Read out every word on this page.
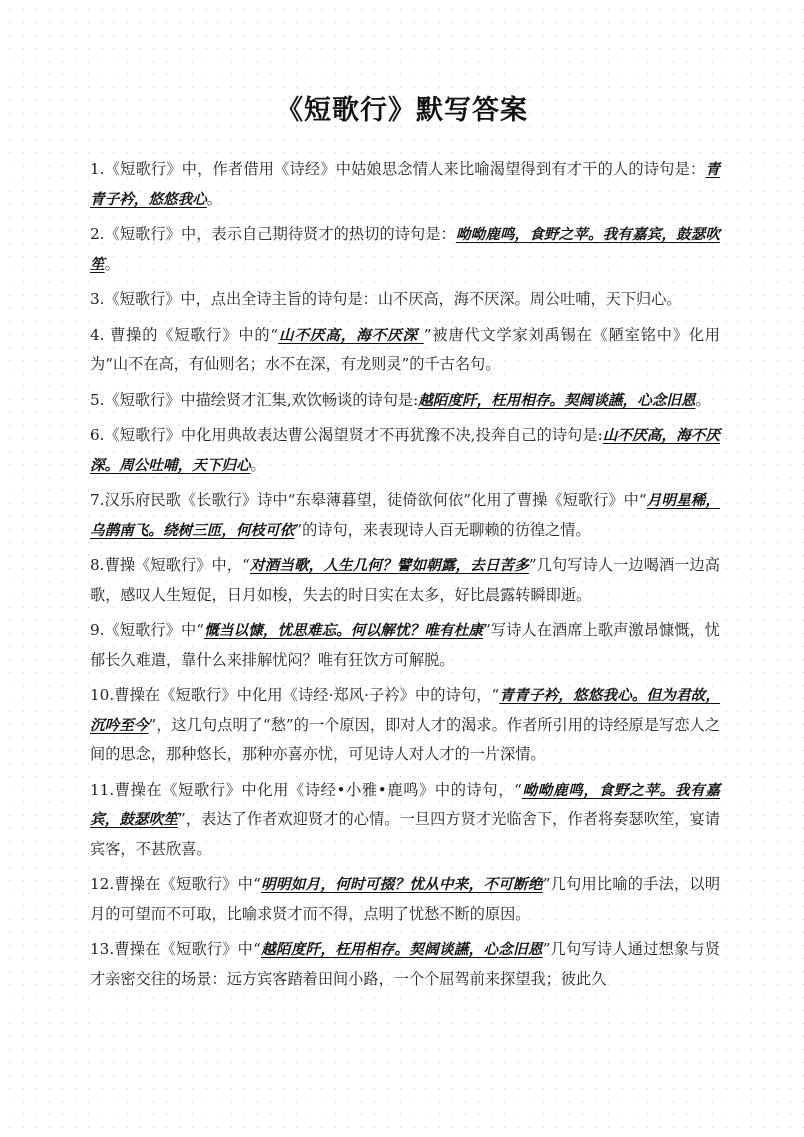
《短歌行》默写答案

1.《短歌行》中，作者借用《诗经》中姑娘思念情人来比喻渴望得到有才干的人的诗句是：青青子衿，悠悠我心。

2.《短歌行》中，表示自己期待贤才的热切的诗句是：呦呦鹿鸣，食野之苹。我有嘉宾，鼓瑟吹笙。

3.《短歌行》中，点出全诗主旨的诗句是：山不厌高，海不厌深。周公吐哺，天下归心。

4. 曹操的《短歌行》中的“山不厌高，海不厌深 ”被唐代文学家刘禹锡在《陋室铭中》化用为“山不在高，有仙则名；水不在深，有龙则灵”的千古名句。

5.《短歌行》中描绘贤才汇集,欢饮畅谈的诗句是:越陌度阡，枉用相存。契阔谈讌，心念旧恩。

6.《短歌行》中化用典故表达曹公渴望贤才不再犹豫不决,投奔自己的诗句是:山不厌高，海不厌深。周公吐哺，天下归心。

7.汉乐府民歌《长歌行》诗中“东皋薄暮望，徒倚欲何依”化用了曹操《短歌行》中“月明星稀，乌鹊南飞。绕树三匝，何枝可依”的诗句，来表现诗人百无聊赖的彷徨之情。

8.曹操《短歌行》中，“对酒当歌，人生几何？譬如朝露，去日苦多”几句写诗人一边喝酒一边高歌，感叹人生短促，日月如梭，失去的时日实在太多，好比晨露转瞬即逝。

9.《短歌行》中“慨当以慷，忧思难忘。何以解忧？唯有杜康”写诗人在酒席上歌声激昂慷慨，忧郁长久难遣，靠什么来排解忧闷？唯有狂饮方可解脱。

10.曹操在《短歌行》中化用《诗经·郑风·子衿》中的诗句，“青青子衿，悠悠我心。但为君故，沉吟至今”，这几句点明了“愁”的一个原因，即对人才的渴求。作者所引用的诗经原是写恋人之间的思念，那种悠长，那种亦喜亦忧，可见诗人对人才的一片深情。

11.曹操在《短歌行》中化用《诗经•小雅•鹿鸣》中的诗句，“呦呦鹿鸣，食野之苹。我有嘉宾，鼓瑟吹笙”，表达了作者欢迎贤才的心情。一旦四方贤才光临舍下，作者将奏瑟吹笙，宴请宾客，不甚欣喜。

12.曹操在《短歌行》中“明明如月，何时可掇？忧从中来，不可断绝”几句用比喻的手法，以明月的可望而不可取，比喻求贤才而不得，点明了忧愁不断的原因。

13.曹操在《短歌行》中“越陌度阡，枉用相存。契阔谈讌，心念旧恩”几句写诗人通过想象与贤才亲密交往的场景：远方宾客踏着田间小路，一个个屈驾前来探望我；彼此久
